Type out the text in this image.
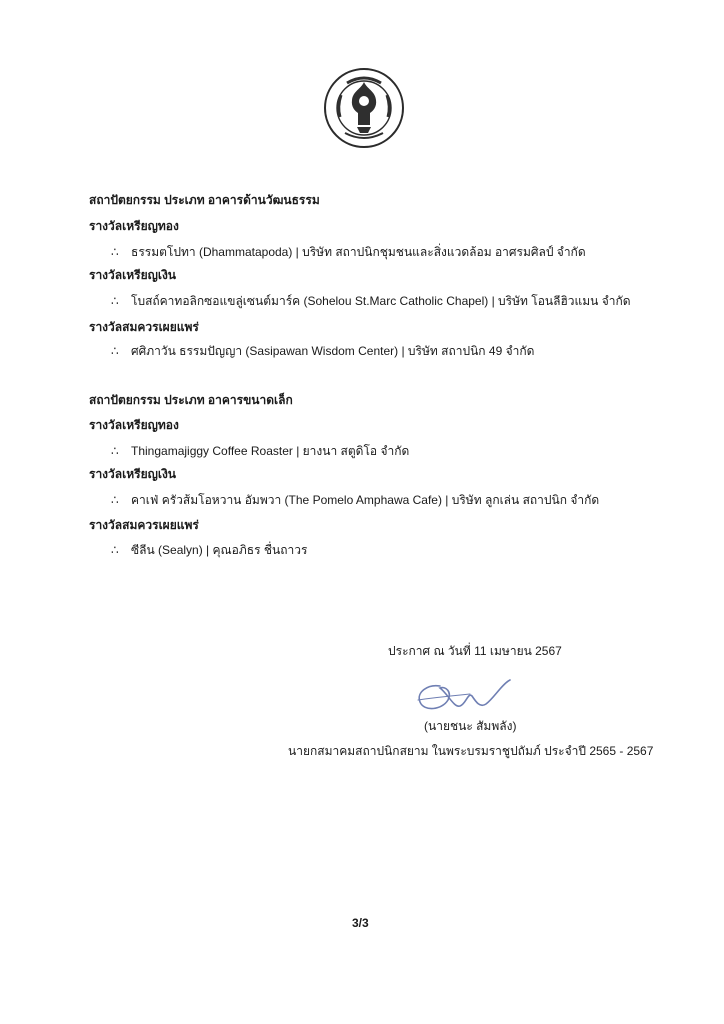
สถาปัตยกรรม ประเภท อาคารด้านวัฒนธรรม
รางวัลเหรียญทอง
∴ ธรรมตโปทา (Dhammatapoda) | บริษัท สถาปนิกชุมชนและสิ่งแวดล้อม อาศรมศิลป์ จำกัด
รางวัลเหรียญเงิน
∴ โบสถ์คาทอลิกซอแขลู่เซนต์มาร์ค (Sohelou St.Marc Catholic Chapel) | บริษัท โอนลีฮิวแมน จำกัด
รางวัลสมควรเผยแพร่
∴ ศศิภาวัน ธรรมปัญญา (Sasipawan Wisdom Center) | บริษัท สถาปนิก 49 จำกัด
สถาปัตยกรรม ประเภท อาคารขนาดเล็ก
รางวัลเหรียญทอง
∴ Thingamajiggy Coffee Roaster | ยางนา สตูดิโอ จำกัด
รางวัลเหรียญเงิน
∴ คาเฟ่ ครัวส้มโอหวาน อัมพวา (The Pomelo Amphawa Cafe) | บริษัท ลูกเล่น สถาปนิก จำกัด
รางวัลสมควรเผยแพร่
∴ ซีลีน (Sealyn) | คุณอภิธร ชื่นถาวร
ประกาศ ณ วันที่ 11 เมษายน 2567
(นายชนะ สัมพลัง)
นายกสมาคมสถาปนิกสยาม ในพระบรมราชูปถัมภ์ ประจำปี 2565 - 2567
3/3
